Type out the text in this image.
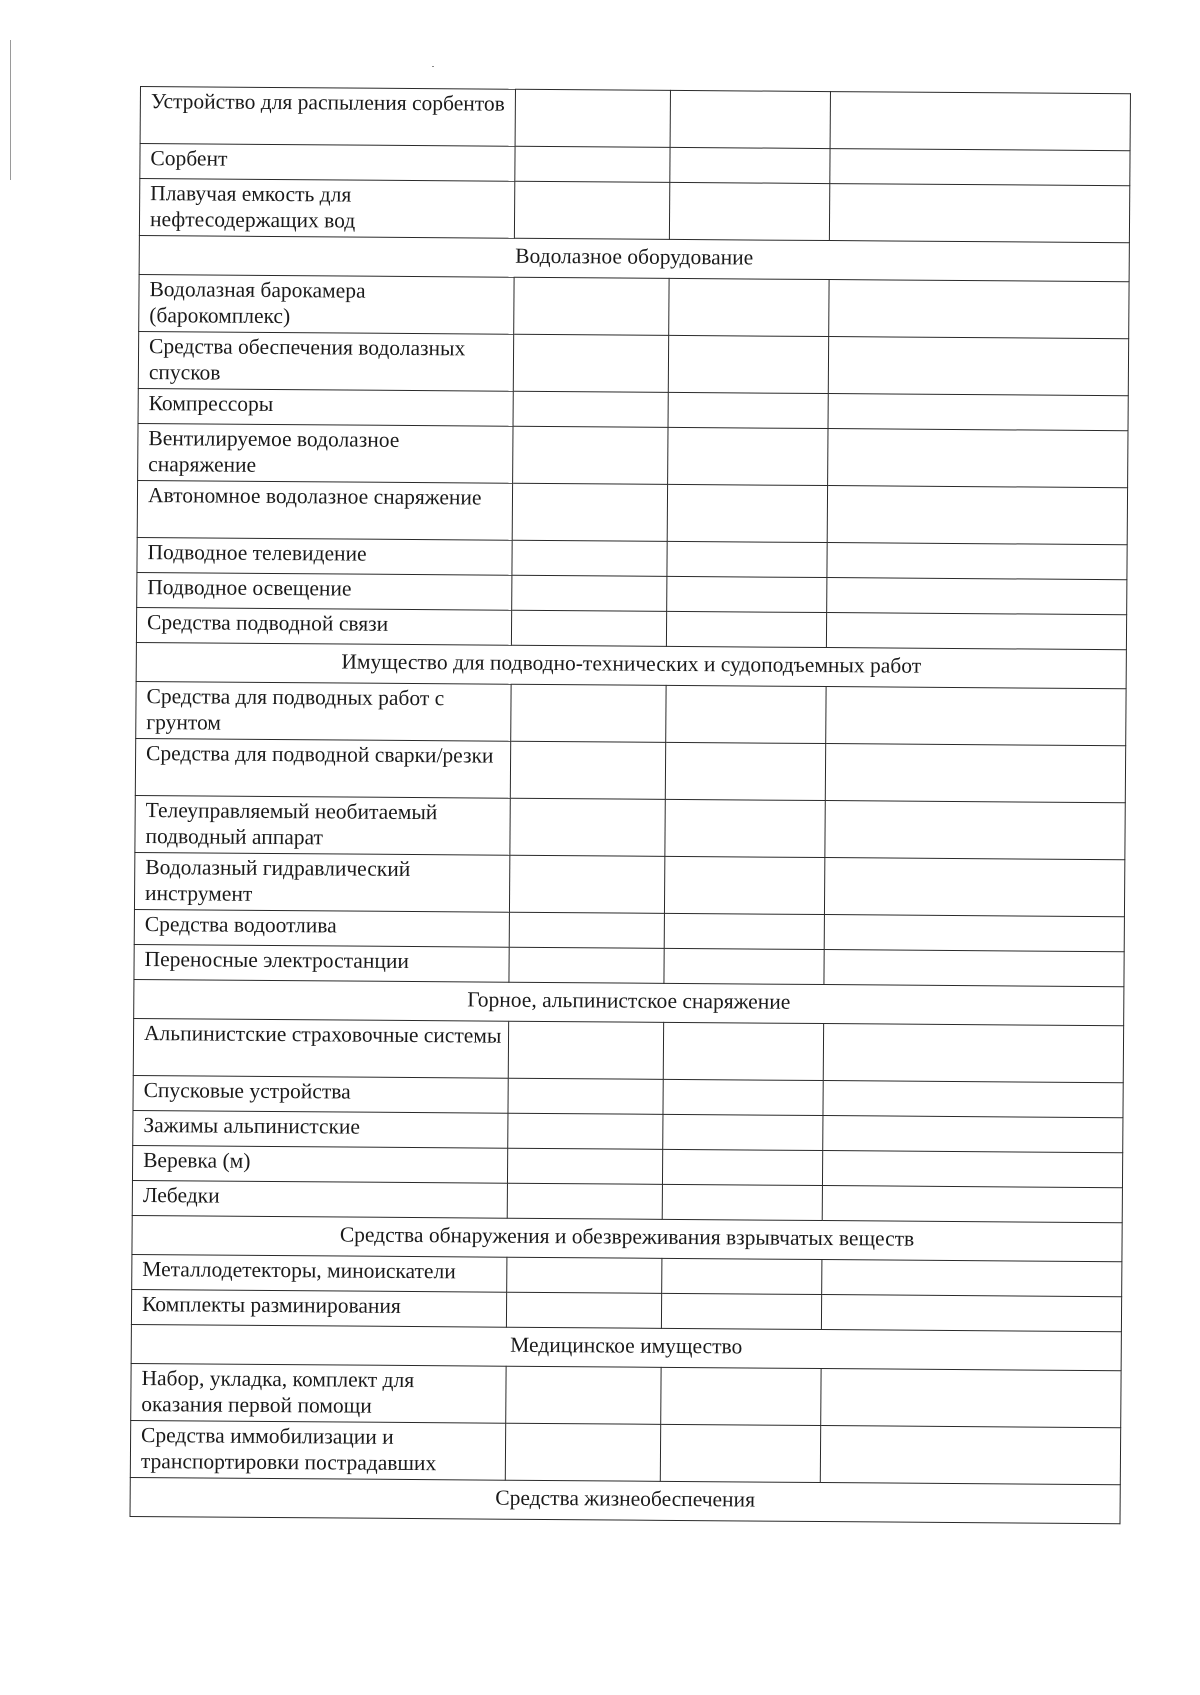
Устройство для распыления сорбентов			
Сорбент			
Плавучая емкость для нефтесодержащих вод			
Водолазное оборудование			
Водолазная барокамера (барокомплекс)			
Средства обеспечения водолазных спусков			
Компрессоры			
Вентилируемое водолазное снаряжение			
Автономное водолазное снаряжение			
Подводное телевидение			
Подводное освещение			
Средства подводной связи			
Имущество для подводно-технических и судоподъемных работ			
Средства для подводных работ с грунтом			
Средства для подводной сварки/резки			
Телеуправляемый необитаемый подводный аппарат			
Водолазный гидравлический инструмент			
Средства водоотлива			
Переносные электростанции			
Горное, альпинистское снаряжение			
Альпинистские страховочные системы			
Спусковые устройства			
Зажимы альпинистские			
Веревка (м)			
Лебедки			
Средства обнаружения и обезвреживания взрывчатых веществ			
Металлодетекторы, миноискатели			
Комплекты разминирования			
Медицинское имущество			
Набор, укладка, комплект для оказания первой помощи			
Средства иммобилизации и транспортировки пострадавших			
Средства жизнеобеспечения			
